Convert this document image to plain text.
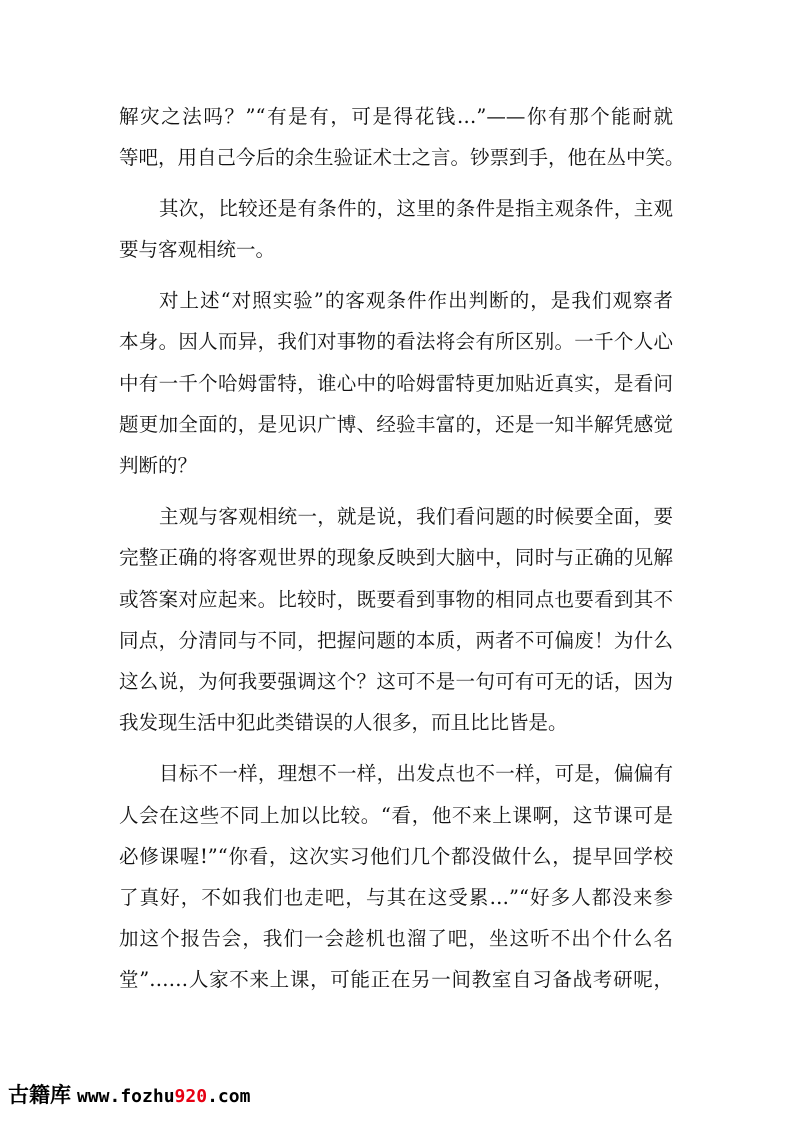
解灾之法吗？”“有是有，可是得花钱…”——你有那个能耐就
等吧，用自己今后的余生验证术士之言。钞票到手，他在丛中笑。
其次，比较还是有条件的，这里的条件是指主观条件，主观
要与客观相统一。
对上述“对照实验”的客观条件作出判断的，是我们观察者
本身。因人而异，我们对事物的看法将会有所区别。一千个人心
中有一千个哈姆雷特，谁心中的哈姆雷特更加贴近真实，是看问
题更加全面的，是见识广博、经验丰富的，还是一知半解凭感觉
判断的？
主观与客观相统一，就是说，我们看问题的时候要全面，要
完整正确的将客观世界的现象反映到大脑中，同时与正确的见解
或答案对应起来。比较时，既要看到事物的相同点也要看到其不
同点，分清同与不同，把握问题的本质，两者不可偏废！为什么
这么说，为何我要强调这个？这可不是一句可有可无的话，因为
我发现生活中犯此类错误的人很多，而且比比皆是。
目标不一样，理想不一样，出发点也不一样，可是，偏偏有
人会在这些不同上加以比较。“看，他不来上课啊，这节课可是
必修课喔!”“你看，这次实习他们几个都没做什么，提早回学校
了真好，不如我们也走吧，与其在这受累…”“好多人都没来参
加这个报告会，我们一会趁机也溜了吧，坐这听不出个什么名
堂”……人家不来上课，可能正在另一间教室自习备战考研呢，
古籍库 www.fozhu920.com
